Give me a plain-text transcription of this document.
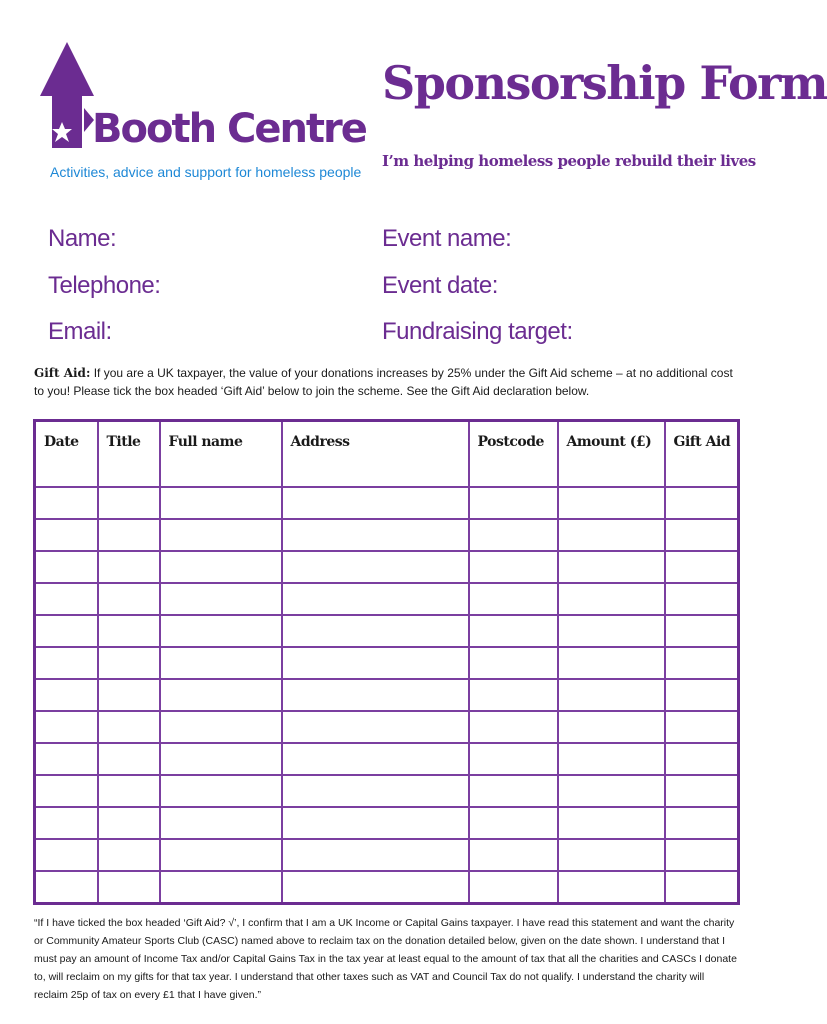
Booth Centre
Activities, advice and support for homeless people
Sponsorship Form
I’m helping homeless people rebuild their lives
Name:
Telephone:
Email:
Event name:
Event date:
Fundraising target:
Gift Aid: If you are a UK taxpayer, the value of your donations increases by 25% under the Gift Aid scheme – at no additional cost to you! Please tick the box headed ‘Gift Aid’ below to join the scheme. See the Gift Aid declaration below.
Date	Title	Full name	Address	Postcode	Amount (£)	Gift Aid

“If I have ticked the box headed ‘Gift Aid? √’, I confirm that I am a UK Income or Capital Gains taxpayer. I have read this statement and want the charity or Community Amateur Sports Club (CASC) named above to reclaim tax on the donation detailed below, given on the date shown. I understand that I must pay an amount of Income Tax and/or Capital Gains Tax in the tax year at least equal to the amount of tax that all the charities and CASCs I donate to, will reclaim on my gifts for that tax year. I understand that other taxes such as VAT and Council Tax do not qualify. I understand the charity will reclaim 25p of tax on every £1 that I have given.”
